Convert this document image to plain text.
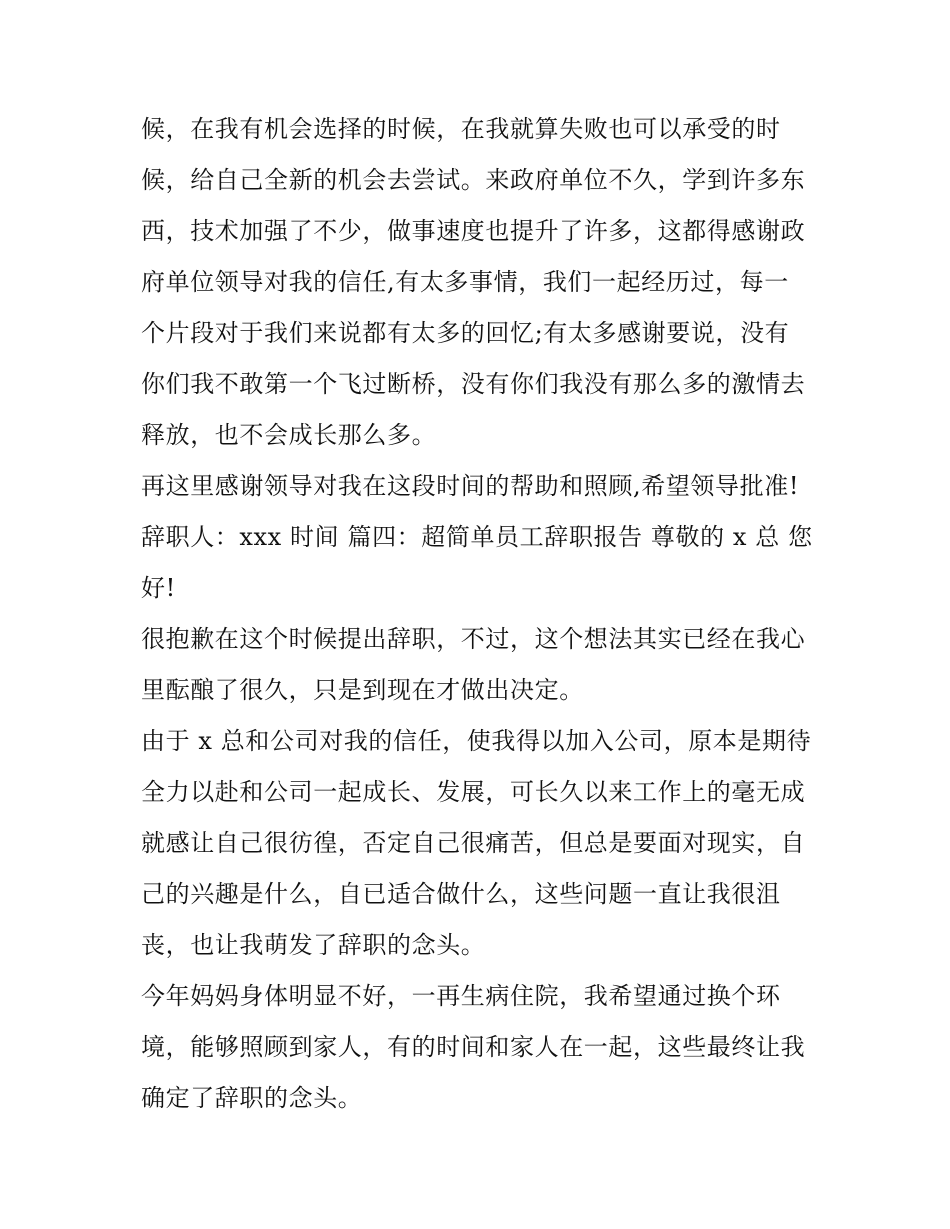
候，在我有机会选择的时候，在我就算失败也可以承受的时
候，给自己全新的机会去尝试。来政府单位不久，学到许多东
西，技术加强了不少，做事速度也提升了许多，这都得感谢政
府单位领导对我的信任,有太多事情，我们一起经历过，每一
个片段对于我们来说都有太多的回忆;有太多感谢要说，没有
你们我不敢第一个飞过断桥，没有你们我没有那么多的激情去
释放，也不会成长那么多。
再这里感谢领导对我在这段时间的帮助和照顾,希望领导批准!
辞职人：xxx 时间 篇四：超简单员工辞职报告 尊敬的 x 总 您
好!
很抱歉在这个时候提出辞职，不过，这个想法其实已经在我心
里酝酿了很久，只是到现在才做出决定。
由于 x 总和公司对我的信任，使我得以加入公司，原本是期待
全力以赴和公司一起成长、发展，可长久以来工作上的毫无成
就感让自己很彷徨，否定自己很痛苦，但总是要面对现实，自
己的兴趣是什么，自已适合做什么，这些问题一直让我很沮
丧，也让我萌发了辞职的念头。
今年妈妈身体明显不好，一再生病住院，我希望通过换个环
境，能够照顾到家人，有的时间和家人在一起，这些最终让我
确定了辞职的念头。
